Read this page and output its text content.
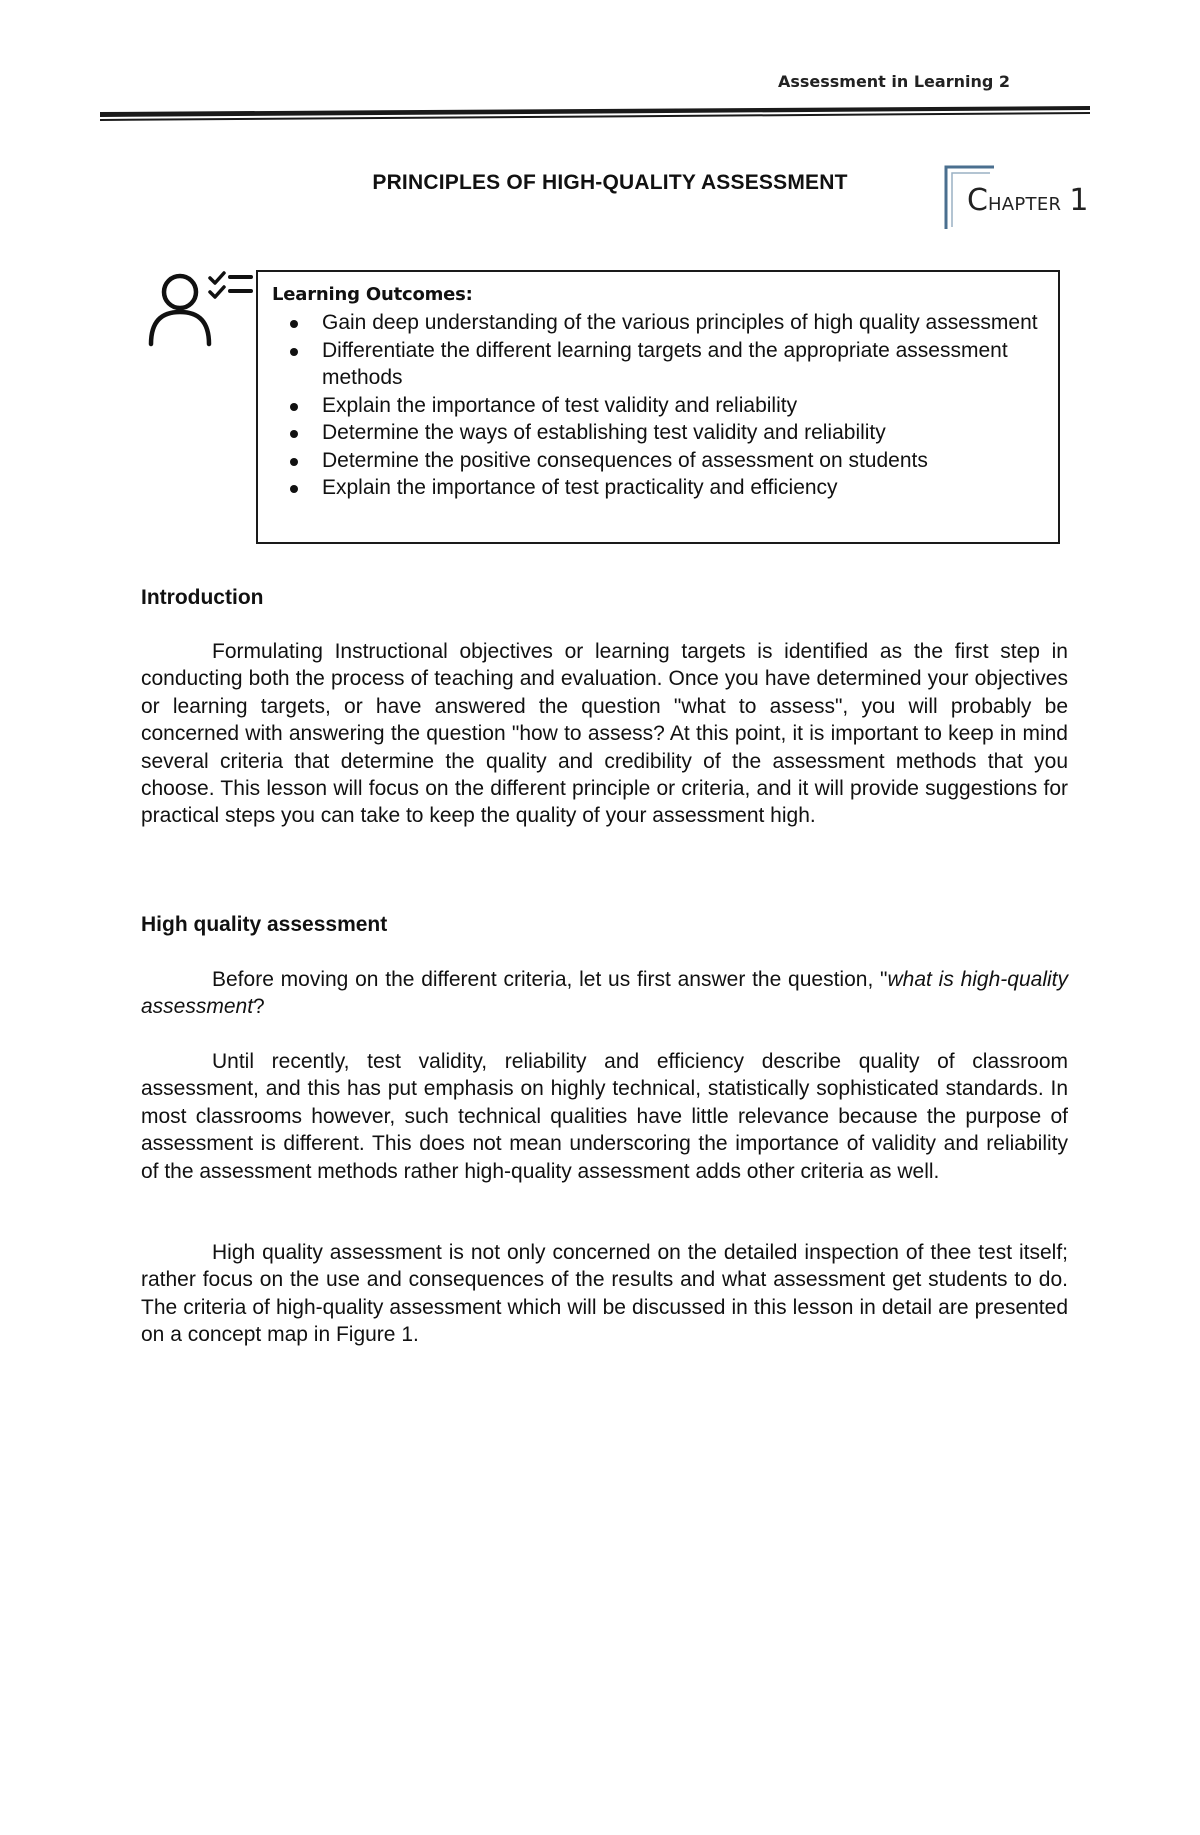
Assessment in Learning 2
PRINCIPLES OF HIGH-QUALITY ASSESSMENT
CHAPTER 1
Learning Outcomes:
Gain deep understanding of the various principles of high quality assessment
Differentiate the different learning targets and the appropriate assessment methods
Explain the importance of test validity and reliability
Determine the ways of establishing test validity and reliability
Determine the positive consequences of assessment on students
Explain the importance of test practicality and efficiency
Introduction

Formulating Instructional objectives or learning targets is identified as the first step in conducting both the process of teaching and evaluation. Once you have determined your objectives or learning targets, or have answered the question "what to assess", you will probably be concerned with answering the question "how to assess? At this point, it is important to keep in mind several criteria that determine the quality and credibility of the assessment methods that you choose. This lesson will focus on the different principle or criteria, and it will provide suggestions for practical steps you can take to keep the quality of your assessment high.

High quality assessment

Before moving on the different criteria, let us first answer the question, "what is high-quality assessment?

Until recently, test validity, reliability and efficiency describe quality of classroom assessment, and this has put emphasis on highly technical, statistically sophisticated standards. In most classrooms however, such technical qualities have little relevance because the purpose of assessment is different. This does not mean underscoring the importance of validity and reliability of the assessment methods rather high-quality assessment adds other criteria as well.

High quality assessment is not only concerned on the detailed inspection of thee test itself; rather focus on the use and consequences of the results and what assessment get students to do. The criteria of high-quality assessment which will be discussed in this lesson in detail are presented on a concept map in Figure 1.
